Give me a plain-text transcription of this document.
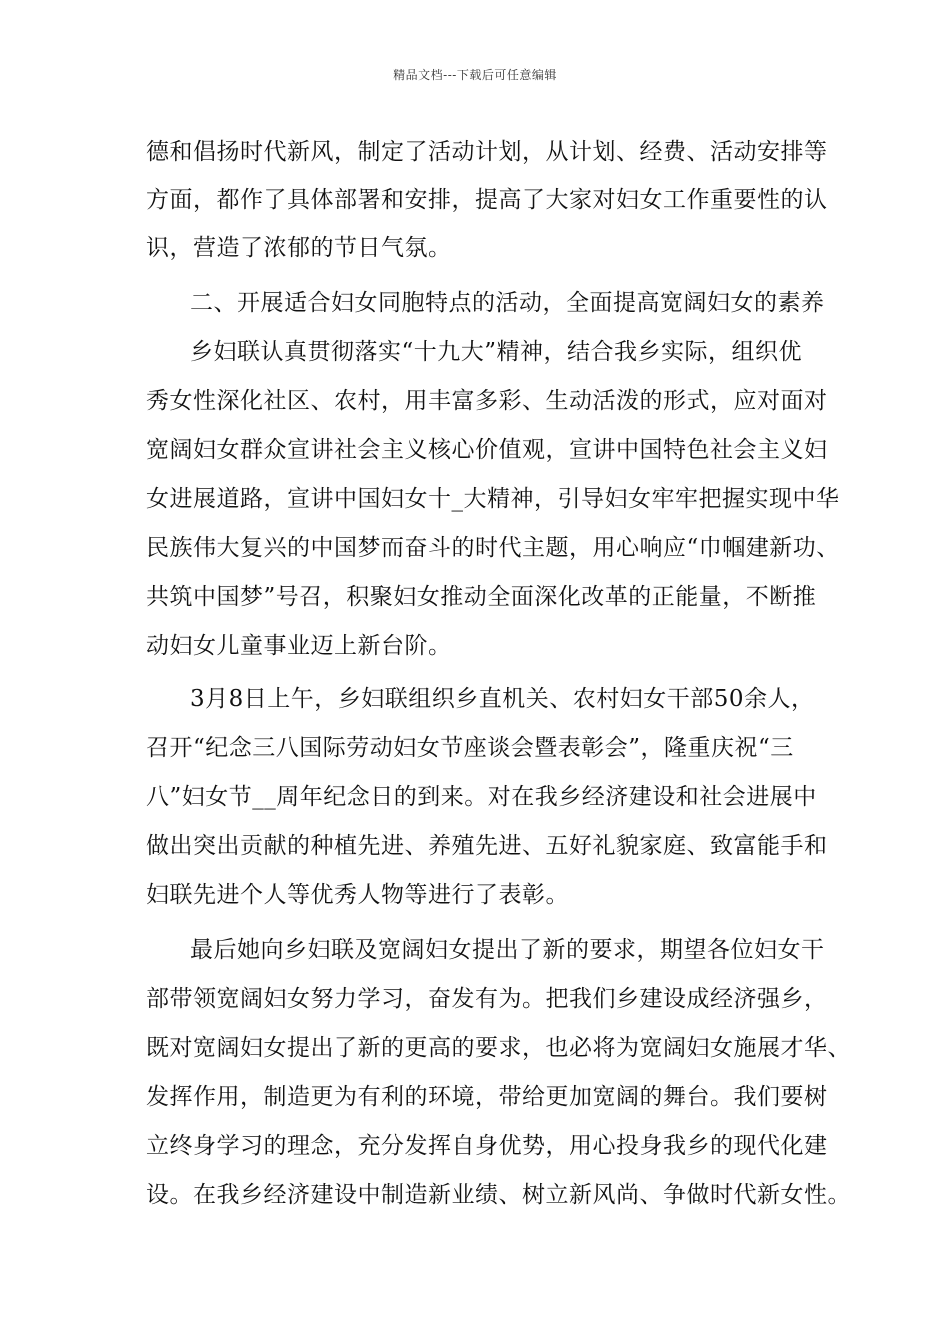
精品文档---下载后可任意编辑
德和倡扬时代新风，制定了活动计划，从计划、经费、活动安排等
方面，都作了具体部署和安排，提高了大家对妇女工作重要性的认
识，营造了浓郁的节日气氛。
二、开展适合妇女同胞特点的活动，全面提高宽阔妇女的素养
乡妇联认真贯彻落实“十九大”精神，结合我乡实际，组织优
秀女性深化社区、农村，用丰富多彩、生动活泼的形式，应对面对
宽阔妇女群众宣讲社会主义核心价值观，宣讲中国特色社会主义妇
女进展道路，宣讲中国妇女十_大精神，引导妇女牢牢把握实现中华
民族伟大复兴的中国梦而奋斗的时代主题，用心响应“巾帼建新功、
共筑中国梦”号召，积聚妇女推动全面深化改革的正能量，不断推
动妇女儿童事业迈上新台阶。
3月8日上午，乡妇联组织乡直机关、农村妇女干部50余人，
召开“纪念三八国际劳动妇女节座谈会暨表彰会”，隆重庆祝“三
八”妇女节__周年纪念日的到来。对在我乡经济建设和社会进展中
做出突出贡献的种植先进、养殖先进、五好礼貌家庭、致富能手和
妇联先进个人等优秀人物等进行了表彰。
最后她向乡妇联及宽阔妇女提出了新的要求，期望各位妇女干
部带领宽阔妇女努力学习，奋发有为。把我们乡建设成经济强乡，
既对宽阔妇女提出了新的更高的要求，也必将为宽阔妇女施展才华、
发挥作用，制造更为有利的环境，带给更加宽阔的舞台。我们要树
立终身学习的理念，充分发挥自身优势，用心投身我乡的现代化建
设。在我乡经济建设中制造新业绩、树立新风尚、争做时代新女性。
